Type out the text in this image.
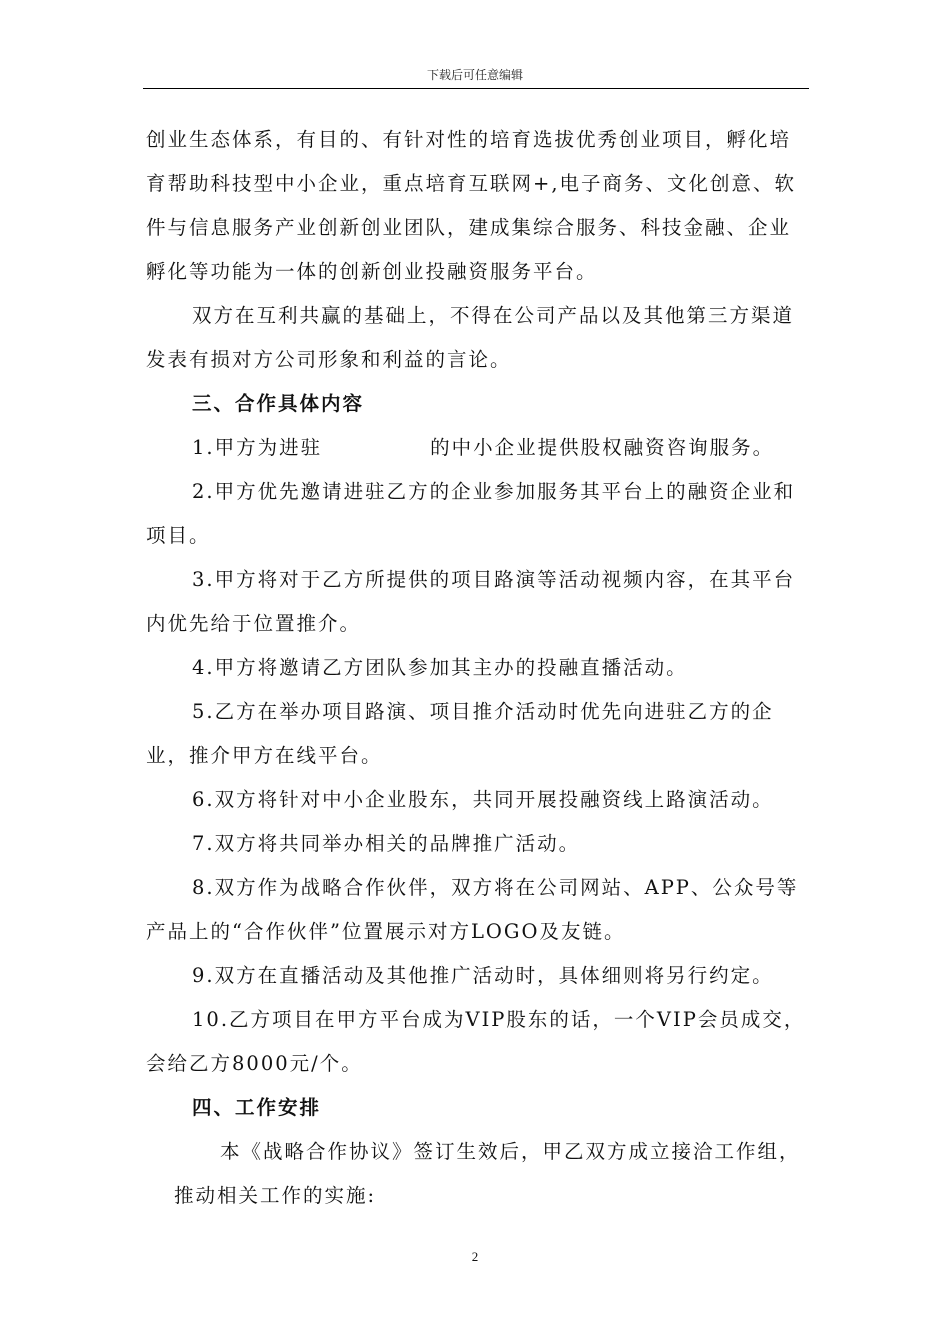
下载后可任意编辑

创业生态体系，有目的、有针对性的培育选拔优秀创业项目，孵化培育帮助科技型中小企业，重点培育互联网+,电子商务、文化创意、软件与信息服务产业创新创业团队，建成集综合服务、科技金融、企业孵化等功能为一体的创新创业投融资服务平台。

双方在互利共赢的基础上，不得在公司产品以及其他第三方渠道发表有损对方公司形象和利益的言论。

三、合作具体内容

1.甲方为进驻	的中小企业提供股权融资咨询服务。

2.甲方优先邀请进驻乙方的企业参加服务其平台上的融资企业和项目。

3.甲方将对于乙方所提供的项目路演等活动视频内容，在其平台内优先给于位置推介。

4.甲方将邀请乙方团队参加其主办的投融直播活动。

5.乙方在举办项目路演、项目推介活动时优先向进驻乙方的企业，推介甲方在线平台。

6.双方将针对中小企业股东，共同开展投融资线上路演活动。

7.双方将共同举办相关的品牌推广活动。

8.双方作为战略合作伙伴，双方将在公司网站、APP、公众号等产品上的“合作伙伴”位置展示对方LOGO及友链。

9.双方在直播活动及其他推广活动时，具体细则将另行约定。

10.乙方项目在甲方平台成为VIP股东的话，一个VIP会员成交，会给乙方8000元/个。

四、工作安排

本《战略合作协议》签订生效后，甲乙双方成立接洽工作组，

推动相关工作的实施:

2
